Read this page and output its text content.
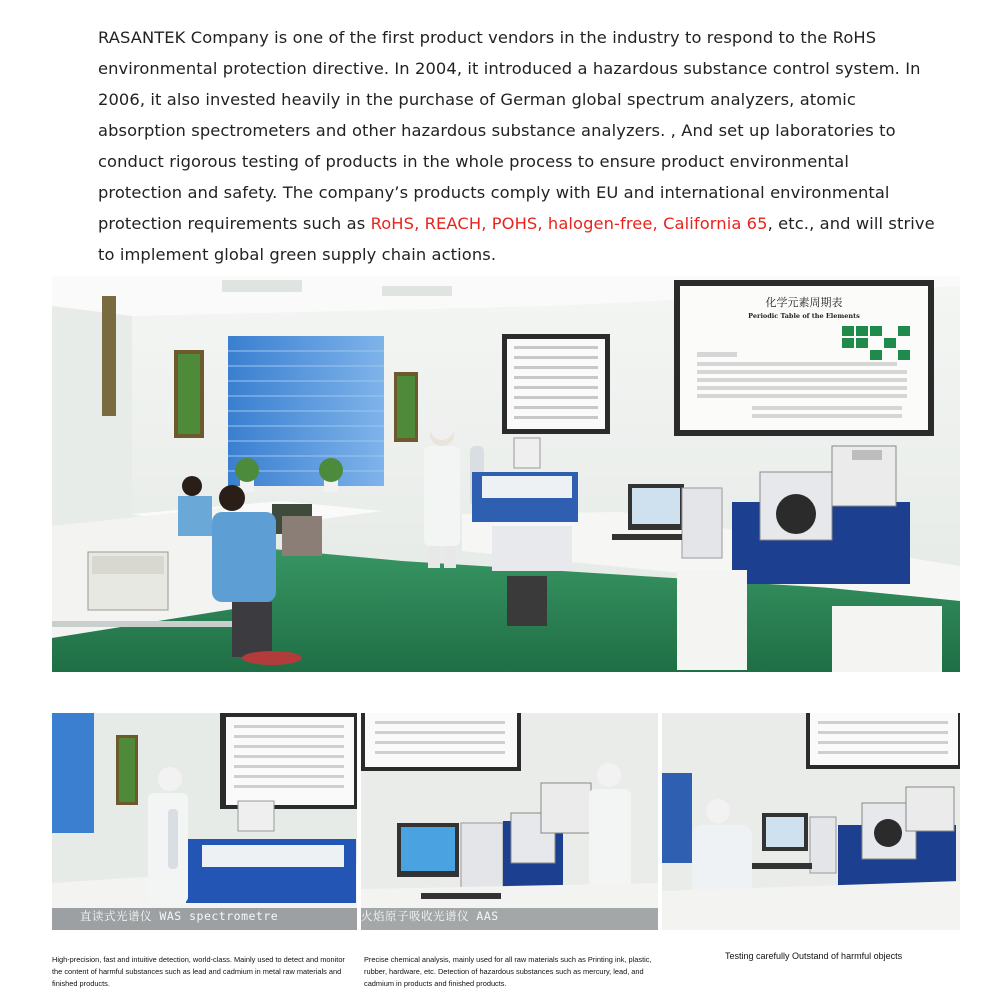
RASANTEK Company is one of the first product vendors in the industry to respond to the RoHS environmental protection directive. In 2004, it introduced a hazardous substance control system. In 2006, it also invested heavily in the purchase of German global spectrum analyzers, atomic absorption spectrometers and other hazardous substance analyzers. , And set up laboratories to conduct rigorous testing of products in the whole process to ensure product environmental protection and safety. The company’s products comply with EU and international environmental protection requirements such as RoHS, REACH, POHS, halogen-free, California 65, etc., and will strive to implement global green supply chain actions.
化学元素周期表
Periodic Table of the Elements
直读式光谱仪 WAS spectrometre	火焰原子吸收光谱仪 AAS
High-precision, fast and intuitive detection, world-class. Mainly used to detect and monitor the content of harmful substances such as lead and cadmium in metal raw materials and finished products.
Precise chemical analysis, mainly used for all raw materials such as Printing ink, plastic, rubber, hardware, etc. Detection of hazardous substances such as mercury, lead, and cadmium in products and finished products.
Testing carefully Outstand of harmful objects
